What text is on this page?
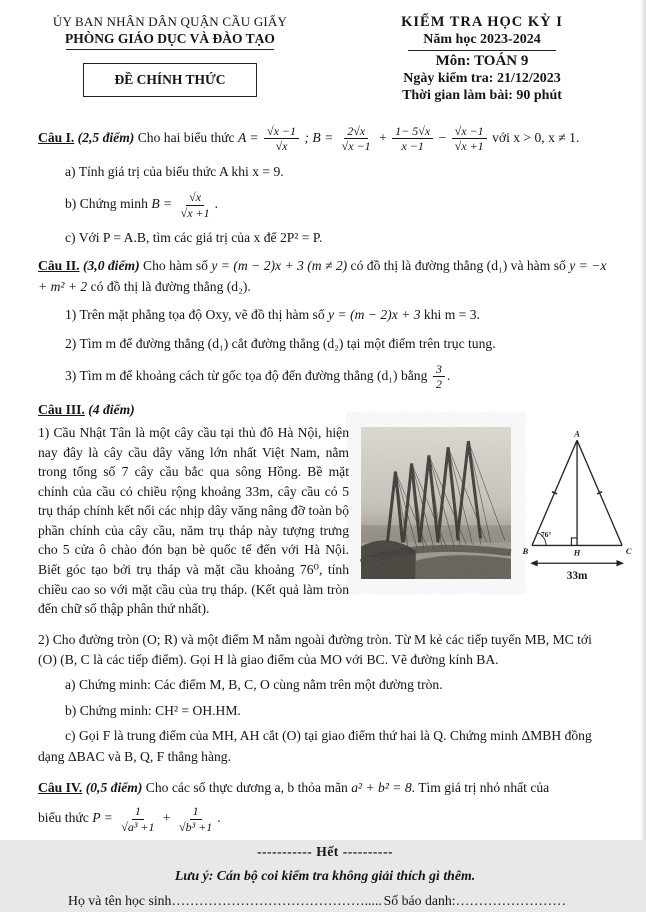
ỦY BAN NHÂN DÂN QUẬN CẦU GIẤY
PHÒNG GIÁO DỤC VÀ ĐÀO TẠO
ĐỀ CHÍNH THỨC
KIỂM TRA HỌC KỲ I
Năm học 2023-2024
Môn: TOÁN 9
Ngày kiểm tra: 21/12/2023
Thời gian làm bài: 90 phút
Câu I. (2,5 điểm) Cho hai biểu thức $A = \frac{√x -1}{√x}$ ; $B = \frac{2√x}{√x -1} + \frac{1- 5√x}{x -1} - \frac{√x -1}{√x +1}$ với x > 0, x ≠ 1.
a) Tính giá trị của biểu thức A khi x = 9.
b) Chứng minh $B = \frac{√x}{√x +1}$ .
c) Với P = A.B, tìm các giá trị của x để 2P² = P.
Câu II. (3,0 điểm) Cho hàm số y = (m − 2)x + 3 (m ≠ 2) có đồ thị là đường thẳng (d₁) và hàm số y = −x + m² + 2 có đồ thị là đường thẳng (d₂).
1) Trên mặt phẳng tọa độ Oxy, vẽ đồ thị hàm số y = (m − 2)x + 3 khi m = 3.
2) Tìm m để đường thẳng (d₁) cắt đường thẳng (d₂) tại một điểm trên trục tung.
3) Tìm m để khoảng cách từ gốc tọa độ đến đường thẳng (d₁) bằng $\frac{3}{2}$ .
Câu III. (4 điểm)
A
B	C
H
76°
33m
1) Cầu Nhật Tân là một cây cầu tại thủ đô Hà Nội, hiện nay đây là cây cầu dây văng lớn nhất Việt Nam, nằm trong tổng số 7 cây cầu bắc qua sông Hồng. Bề mặt chính của cầu có chiều rộng khoảng 33m, cây cầu có 5 trụ tháp chính kết nối các nhịp dây văng nâng đỡ toàn bộ phần chính của cây cầu, năm trụ tháp này tượng trưng cho 5 cửa ô chào đón bạn bè quốc tế đến với Hà Nội. Biết góc tạo bởi trụ tháp và mặt cầu khoảng 76⁰, tính chiều cao so với mặt cầu của trụ tháp. (Kết quả làm tròn đến chữ số thập phân thứ nhất).
2) Cho đường tròn (O; R) và một điểm M nằm ngoài đường tròn. Từ M kẻ các tiếp tuyến MB, MC tới (O) (B, C là các tiếp điểm). Gọi H là giao điểm của MO với BC. Vẽ đường kính BA.
a) Chứng minh: Các điểm M, B, C, O cùng nằm trên một đường tròn.
b) Chứng minh: CH² = OH.HM.
c) Gọi F là trung điểm của MH, AH cắt (O) tại giao điểm thứ hai là Q. Chứng minh ΔMBH đồng dạng ΔBAC và B, Q, F thẳng hàng.
Câu IV. (0,5 điểm) Cho các số thực dương a, b thỏa mãn a² + b² = 8. Tìm giá trị nhỏ nhất của
biểu thức $P = \frac{1}{\text{√a³ +1}} + \frac{1}{\text{√b³ +1}}$ .
----------- Hết ----------
Lưu ý: Cán bộ coi kiểm tra không giải thích gì thêm.
Họ và tên học sinh……………………………………..... Số báo danh:……………………
